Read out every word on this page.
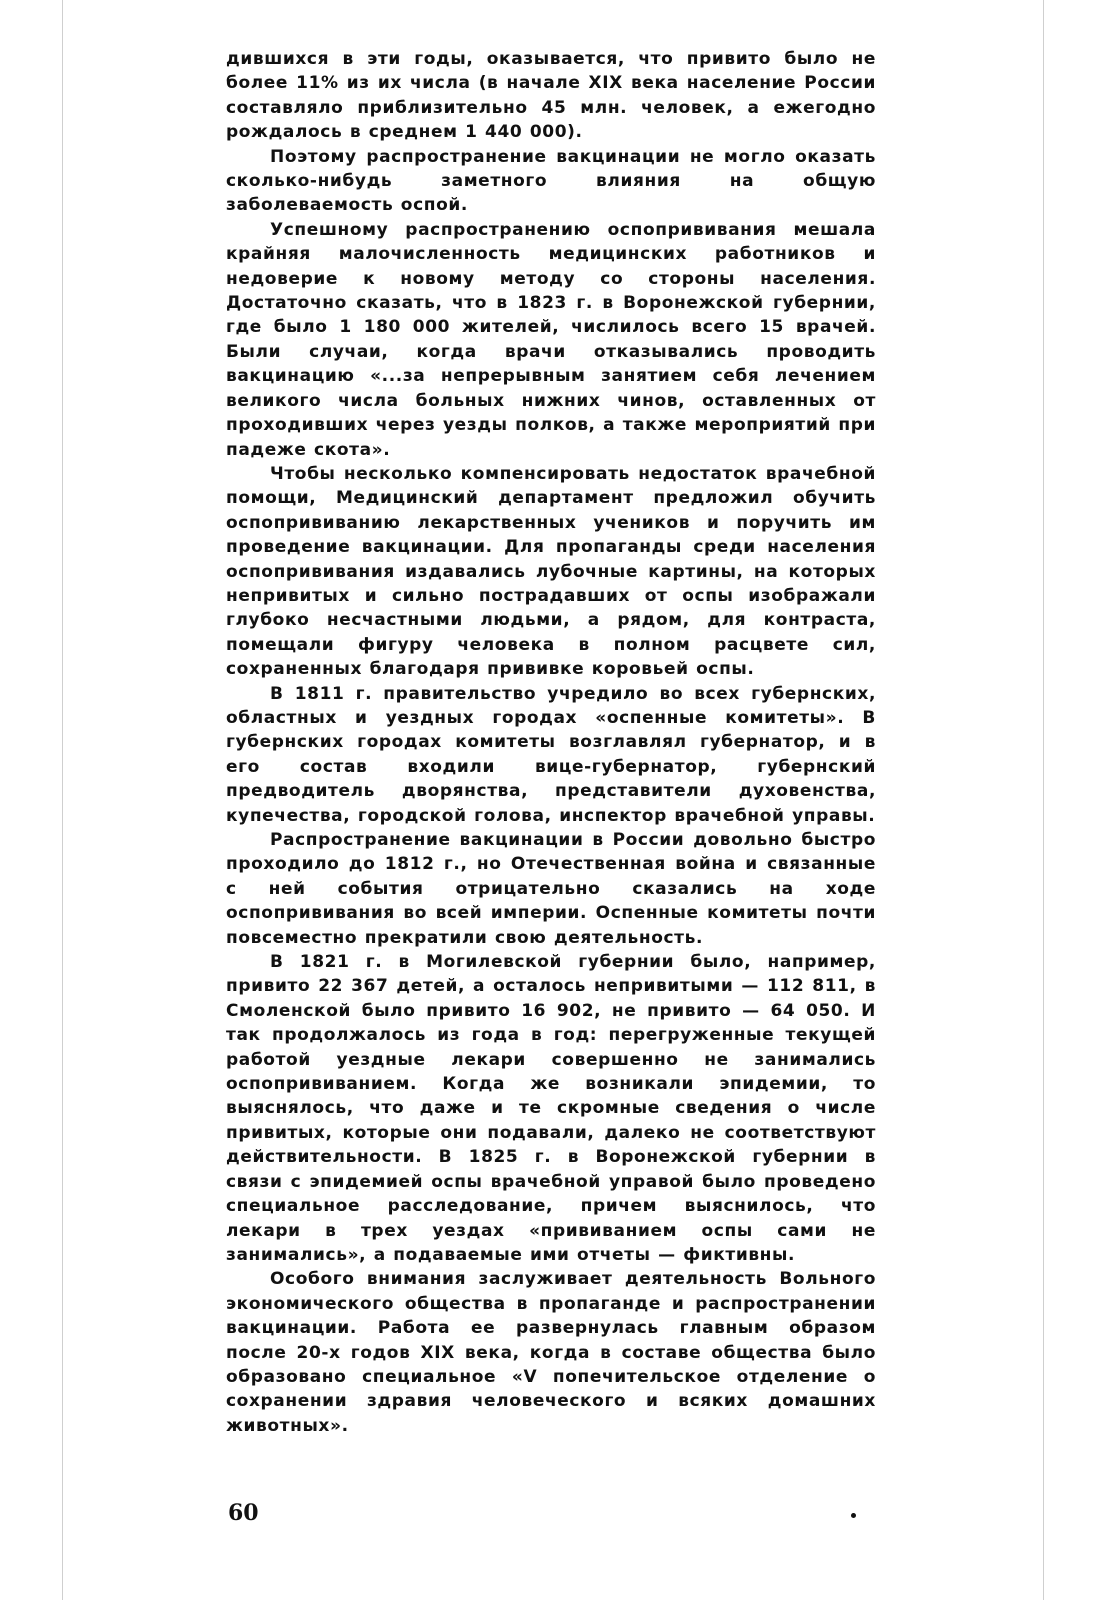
дившихся в эти годы, оказывается, что привито было не более 11% из их числа (в начале XIX века население России составляло приблизительно 45 млн. человек, а ежегодно рождалось в среднем 1 440 000).

Поэтому распространение вакцинации не могло оказать сколько-нибудь заметного влияния на общую заболеваемость оспой.

Успешному распространению оспопрививания мешала крайняя малочисленность медицинских работников и недоверие к новому методу со стороны населения. Достаточно сказать, что в 1823 г. в Воронежской губернии, где было 1 180 000 жителей, числилось всего 15 врачей. Были случаи, когда врачи отказывались проводить вакцинацию «...за непрерывным занятием себя лечением великого числа больных нижних чинов, оставленных от проходивших через уезды полков, а также мероприятий при падеже скота».

Чтобы несколько компенсировать недостаток врачебной помощи, Медицинский департамент предложил обучить оспопрививанию лекарственных учеников и поручить им проведение вакцинации. Для пропаганды среди населения оспопрививания издавались лубочные картины, на которых непривитых и сильно пострадавших от оспы изображали глубоко несчастными людьми, а рядом, для контраста, помещали фигуру человека в полном расцвете сил, сохраненных благодаря прививке коровьей оспы.

В 1811 г. правительство учредило во всех губернских, областных и уездных городах «оспенные комитеты». В губернских городах комитеты возглавлял губернатор, и в его состав входили вице-губернатор, губернский предводитель дворянства, представители духовенства, купечества, городской голова, инспектор врачебной управы.

Распространение вакцинации в России довольно быстро проходило до 1812 г., но Отечественная война и связанные с ней события отрицательно сказались на ходе оспопрививания во всей империи. Оспенные комитеты почти повсеместно прекратили свою деятельность.

В 1821 г. в Могилевской губернии было, например, привито 22 367 детей, а осталось непривитыми — 112 811, в Смоленской было привито 16 902, не привито — 64 050. И так продолжалось из года в год: перегруженные текущей работой уездные лекари совершенно не занимались оспопрививанием. Когда же возникали эпидемии, то выяснялось, что даже и те скромные сведения о числе привитых, которые они подавали, далеко не соответствуют действительности. В 1825 г. в Воронежской губернии в связи с эпидемией оспы врачебной управой было проведено специальное расследование, причем выяснилось, что лекари в трех уездах «прививанием оспы сами не занимались», а подаваемые ими отчеты — фиктивны.

Особого внимания заслуживает деятельность Вольного экономического общества в пропаганде и распространении вакцинации. Работа ее развернулась главным образом после 20-х годов XIX века, когда в составе общества было образовано специальное «V попечительское отделение о сохранении здравия человеческого и всяких домашних животных».

60
